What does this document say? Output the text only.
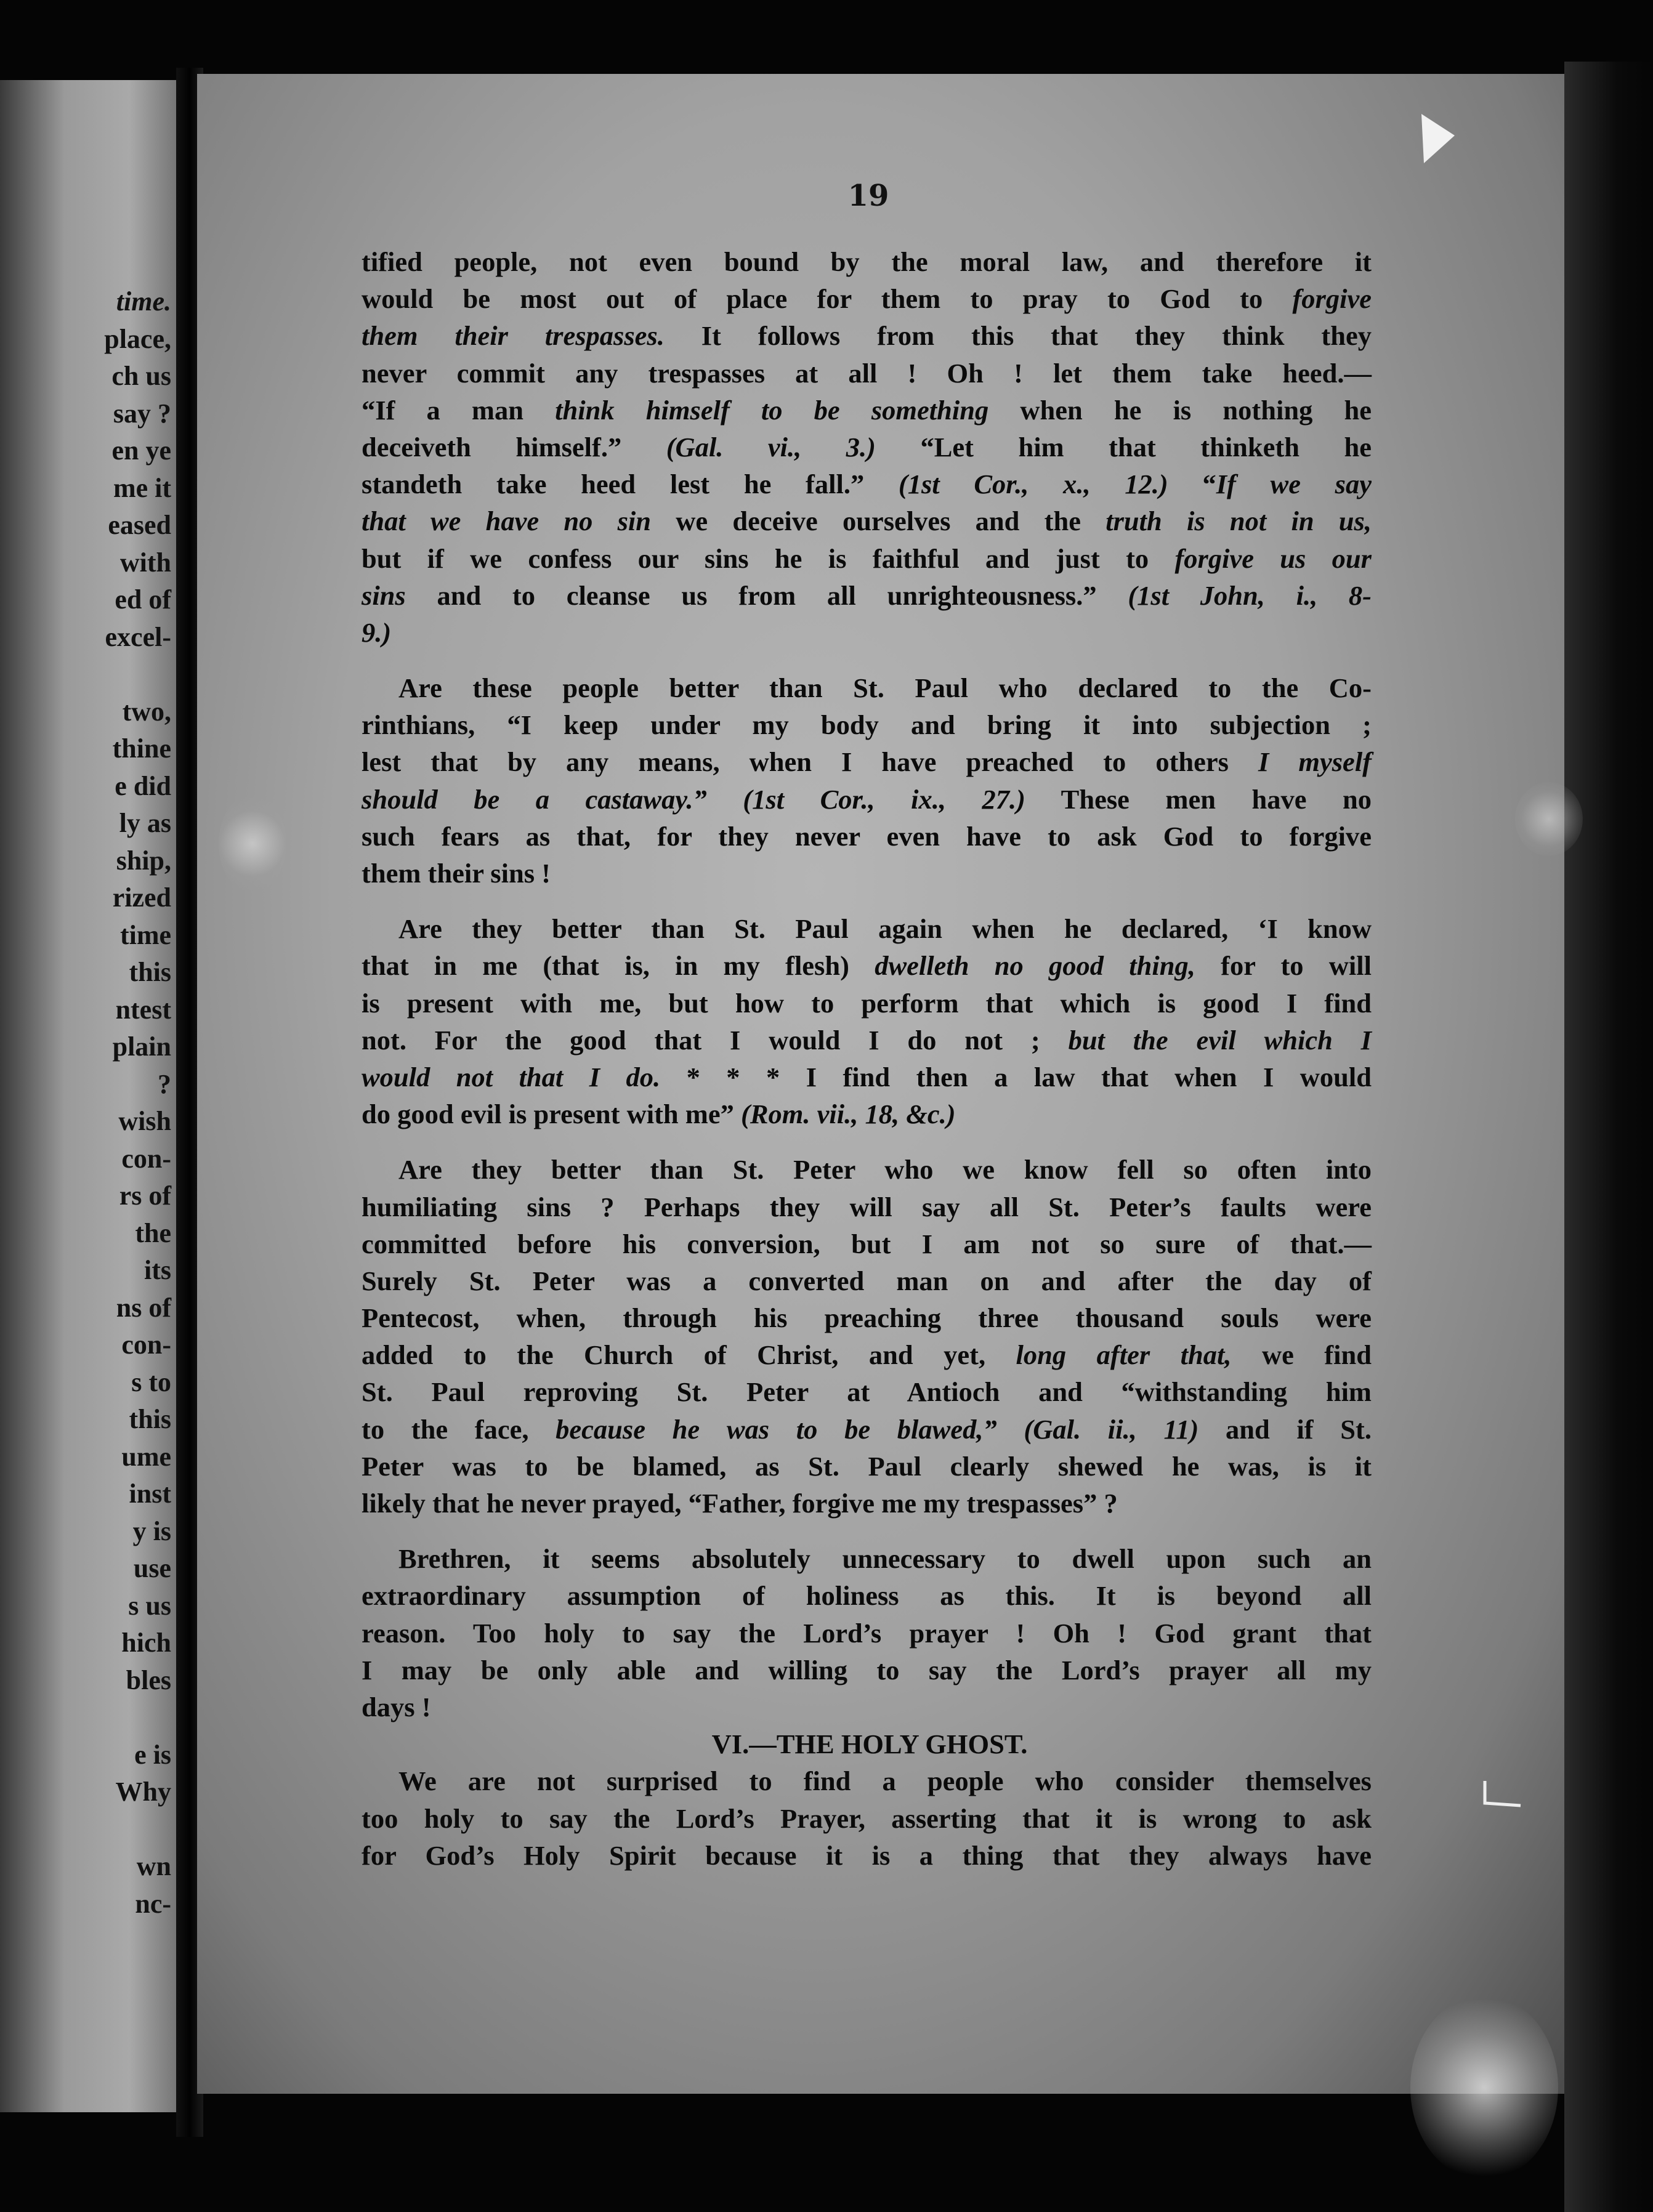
time.
place,
ch us
say ?
en ye
me it
eased
with
ed of
excel-
two,
thine
e did
ly as
ship,
rized
time
this
ntest
plain
?
wish
con-
rs of
the
its
ns of
con-
s to
this
ume
inst
y is
use
s us
hich
bles
e is
Why
wn
nc-
19
tified people, not even bound by the moral law, and therefore it
would be most out of place for them to pray to God to forgive
them their trespasses. It follows from this that they think they
never commit any trespasses at all ! Oh ! let them take heed.—
“If a man think himself to be something when he is nothing he
deceiveth himself.” (Gal. vi., 3.) “Let him that thinketh he
standeth take heed lest he fall.” (1st Cor., x., 12.) “If we say
that we have no sin we deceive ourselves and the truth is not in us,
but if we confess our sins he is faithful and just to forgive us our
sins and to cleanse us from all unrighteousness.” (1st John, i., 8-
9.)
Are these people better than St. Paul who declared to the Co-
rinthians, “I keep under my body and bring it into subjection ;
lest that by any means, when I have preached to others I myself
should be a castaway.” (1st Cor., ix., 27.) These men have no
such fears as that, for they never even have to ask God to forgive
them their sins !
Are they better than St. Paul again when he declared, ‘I know
that in me (that is, in my flesh) dwelleth no good thing, for to will
is present with me, but how to perform that which is good I find
not. For the good that I would I do not ; but the evil which I
would not that I do. * * * I find then a law that when I would
do good evil is present with me” (Rom. vii., 18, &c.)
Are they better than St. Peter who we know fell so often into
humiliating sins ? Perhaps they will say all St. Peter’s faults were
committed before his conversion, but I am not so sure of that.—
Surely St. Peter was a converted man on and after the day of
Pentecost, when, through his preaching three thousand souls were
added to the Church of Christ, and yet, long after that, we find
St. Paul reproving St. Peter at Antioch and “withstanding him
to the face, because he was to be blawed,” (Gal. ii., 11) and if St.
Peter was to be blamed, as St. Paul clearly shewed he was, is it
likely that he never prayed, “Father, forgive me my trespasses” ?
Brethren, it seems absolutely unnecessary to dwell upon such an
extraordinary assumption of holiness as this. It is beyond all
reason. Too holy to say the Lord’s prayer ! Oh ! God grant that
I may be only able and willing to say the Lord’s prayer all my
days !
VI.—THE HOLY GHOST.
We are not surprised to find a people who consider themselves
too holy to say the Lord’s Prayer, asserting that it is wrong to ask
for God’s Holy Spirit because it is a thing that they always have
